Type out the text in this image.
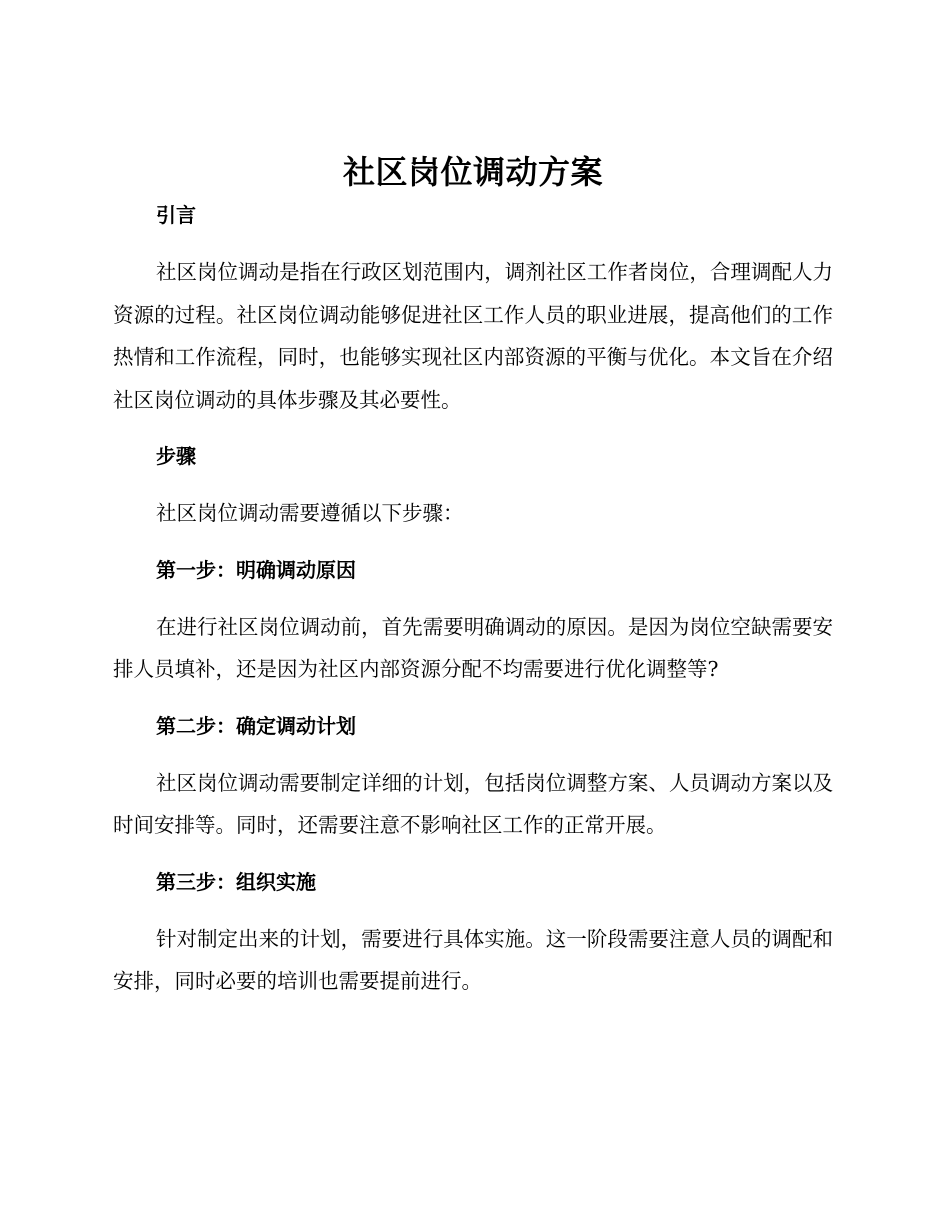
社区岗位调动方案

引言

社区岗位调动是指在行政区划范围内，调剂社区工作者岗位，合理调配人力资源的过程。社区岗位调动能够促进社区工作人员的职业进展，提高他们的工作热情和工作流程，同时，也能够实现社区内部资源的平衡与优化。本文旨在介绍社区岗位调动的具体步骤及其必要性。

步骤

社区岗位调动需要遵循以下步骤：

第一步：明确调动原因

在进行社区岗位调动前，首先需要明确调动的原因。是因为岗位空缺需要安排人员填补，还是因为社区内部资源分配不均需要进行优化调整等?

第二步：确定调动计划

社区岗位调动需要制定详细的计划，包括岗位调整方案、人员调动方案以及时间安排等。同时，还需要注意不影响社区工作的正常开展。

第三步：组织实施

针对制定出来的计划，需要进行具体实施。这一阶段需要注意人员的调配和安排，同时必要的培训也需要提前进行。
